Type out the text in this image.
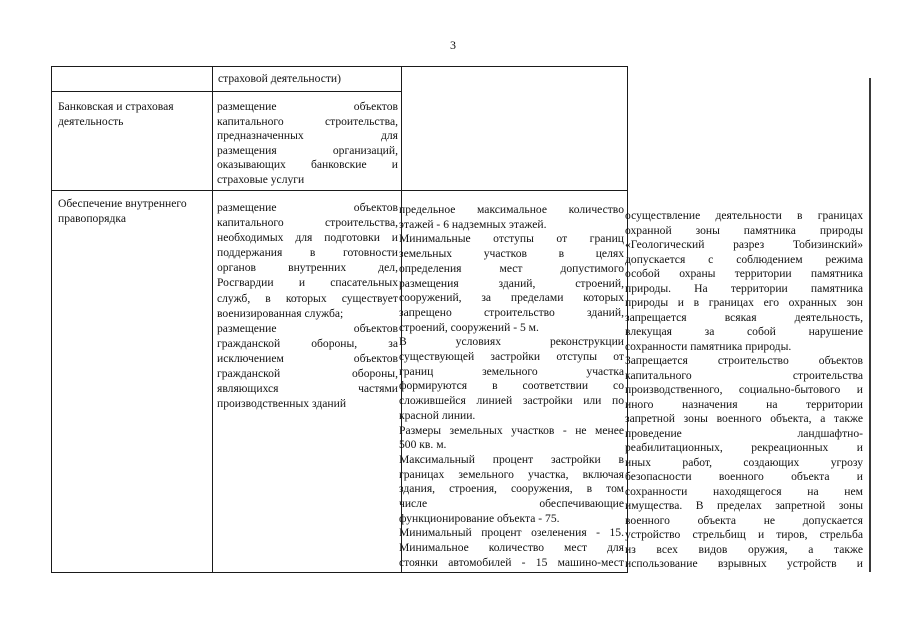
3

страховой деятельности)

Банковская и страховая деятельность

размещение объектов
капитального строительства,
предназначенных для
размещения организаций,
оказывающих банковские и
страховые услуги

Обеспечение внутреннего правопорядка

размещение объектов
капитального строительства,
необходимых для подготовки и
поддержания в готовности
органов внутренних дел,
Росгвардии и спасательных
служб, в которых существует
военизированная служба;
размещение объектов
гражданской обороны, за
исключением объектов
гражданской обороны,
являющихся частями
производственных зданий
предельное максимальное количество
этажей - 6 надземных этажей.
Минимальные отступы от границ
земельных участков в целях
определения мест допустимого
размещения зданий, строений,
сооружений, за пределами которых
запрещено строительство зданий,
строений, сооружений - 5 м.
В условиях реконструкции
существующей застройки отступы от
границ земельного участка
формируются в соответствии со
сложившейся линией застройки или по
красной линии.
Размеры земельных участков - не менее
500 кв. м.
Максимальный процент застройки в
границах земельного участка, включая
здания, строения, сооружения, в том
числе обеспечивающие
функционирование объекта - 75.
Минимальный процент озеленения - 15.
Минимальное количество мест для
стоянки автомобилей - 15 машино-мест
осуществление деятельности в границах
охранной зоны памятника природы
«Геологический разрез Тобизинский»
допускается с соблюдением режима
особой охраны территории памятника
природы. На территории памятника
природы и в границах его охранных зон
запрещается всякая деятельность,
влекущая за собой нарушение
сохранности памятника природы.
Запрещается строительство объектов
капитального строительства
производственного, социально-бытового и
иного назначения на территории
запретной зоны военного объекта, а также
проведение ландшафтно-
реабилитационных, рекреационных и
иных работ, создающих угрозу
безопасности военного объекта и
сохранности находящегося на нем
имущества. В пределах запретной зоны
военного объекта не допускается
устройство стрельбищ и тиров, стрельба
из всех видов оружия, а также
использование взрывных устройств и
